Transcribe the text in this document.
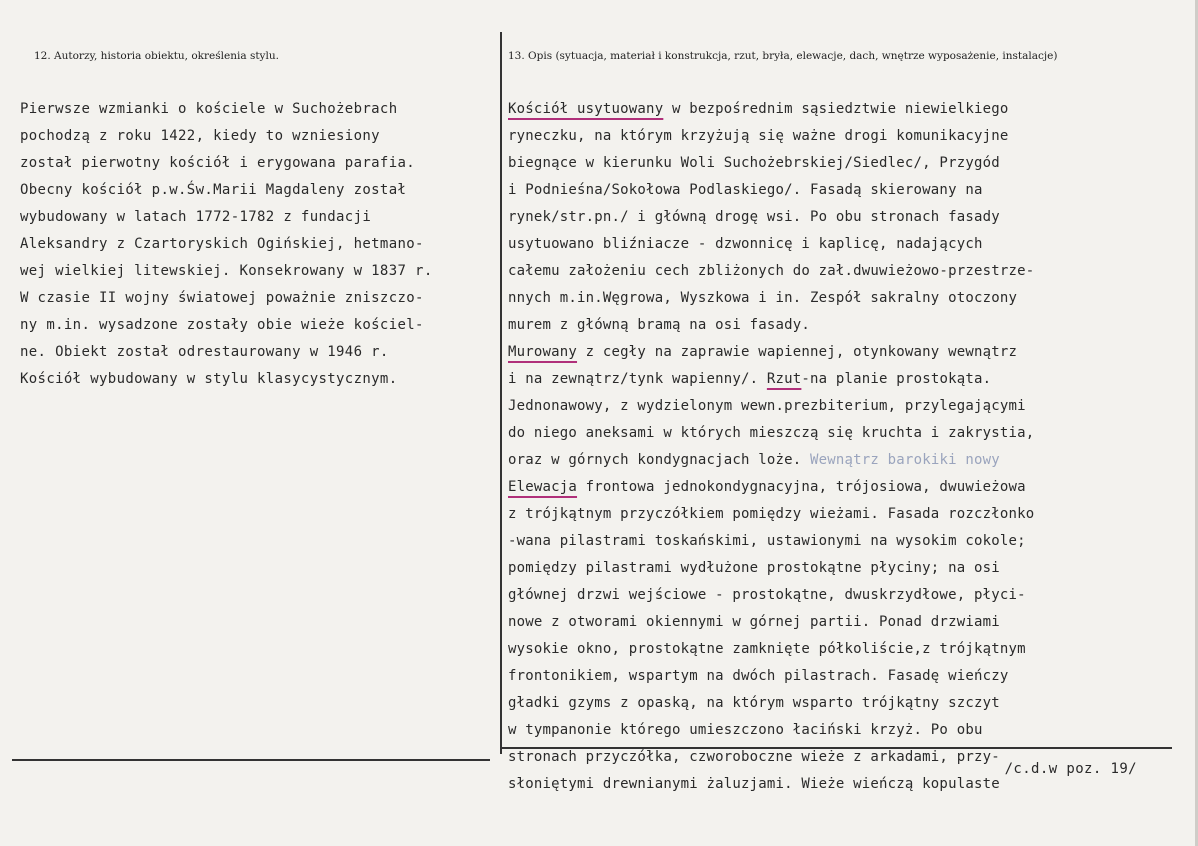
12. Autorzy, historia obiektu, określenia stylu.	13. Opis (sytuacja, materiał i konstrukcja, rzut, bryła, elewacje, dach, wnętrze wyposażenie, instalacje)
Pierwsze wzmianki o kościele w Suchożebrach
pochodzą z roku 1422, kiedy to wzniesiony
został pierwotny kościół i erygowana parafia.
Obecny kościół p.w.Św.Marii Magdaleny został
wybudowany w latach 1772-1782 z fundacji
Aleksandry z Czartoryskich Ogińskiej, hetmano-
wej wielkiej litewskiej. Konsekrowany w 1837 r.
W czasie II wojny światowej poważnie zniszczo-
ny m.in. wysadzone zostały obie wieże kościel-
ne. Obiekt został odrestaurowany w 1946 r.
Kościół wybudowany w stylu klasycystycznym.
Kościół usytuowany w bezpośrednim sąsiedztwie niewielkiego
ryneczku, na którym krzyżują się ważne drogi komunikacyjne
biegnące w kierunku Woli Suchożebrskiej/Siedlec/, Przygód
i Podnieśna/Sokołowa Podlaskiego/. Fasadą skierowany na
rynek/str.pn./ i główną drogę wsi. Po obu stronach fasady
usytuowano bliźniacze - dzwonnicę i kaplicę, nadających
całemu założeniu cech zbliżonych do zał.dwuwieżowo-przestrze-
nnych m.in.Węgrowa, Wyszkowa i in. Zespół sakralny otoczony
murem z główną bramą na osi fasady.
Murowany z cegły na zaprawie wapiennej, otynkowany wewnątrz
i na zewnątrz/tynk wapienny/. Rzut-na planie prostokąta.
Jednonawowy, z wydzielonym wewn.prezbiterium, przylegającymi
do niego aneksami w których mieszczą się kruchta i zakrystia,
oraz w górnych kondygnacjach loże. Wewnątrz barokiki nowy
Elewacja frontowa jednokondygnacyjna, trójosiowa, dwuwieżowa
z trójkątnym przyczółkiem pomiędzy wieżami. Fasada rozczłonko
-wana pilastrami toskańskimi, ustawionymi na wysokim cokole;
pomiędzy pilastrami wydłużone prostokątne płyciny; na osi
głównej drzwi wejściowe - prostokątne, dwuskrzydłowe, płyci-
nowe z otworami okiennymi w górnej partii. Ponad drzwiami
wysokie okno, prostokątne zamknięte półkoliście,z trójkątnym
frontonikiem, wspartym na dwóch pilastrach. Fasadę wieńczy
gładki gzyms z opaską, na którym wsparto trójkątny szczyt
w tympanonie którego umieszczono łaciński krzyż. Po obu
stronach przyczółka, czworoboczne wieże z arkadami, przy-
słoniętymi drewnianymi żaluzjami. Wieże wieńczą kopulaste
/c.d.w poz. 19/
